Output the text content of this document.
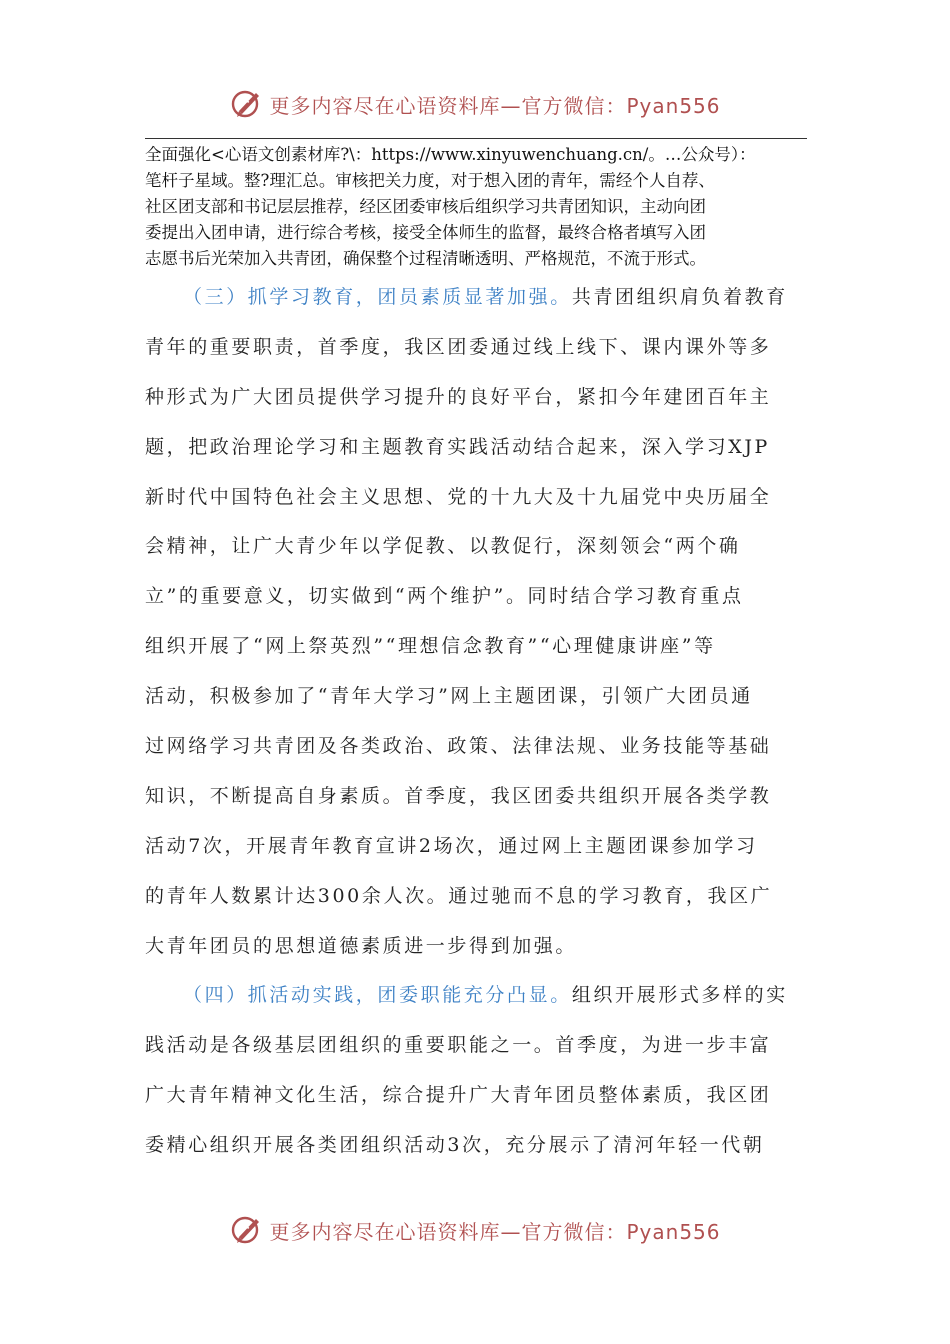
更多内容尽在心语资料库—官方微信：Pyan556

全面强化<心语文创素材库?\：https://www.xinyuwenchuang.cn/。…公众号）：

笔杆子星域。整?理汇总。审核把关力度，对于想入团的青年，需经个人自荐、

社区团支部和书记层层推荐，经区团委审核后组织学习共青团知识，主动向团

委提出入团申请，进行综合考核，接受全体师生的监督，最终合格者填写入团

志愿书后光荣加入共青团，确保整个过程清晰透明、严格规范，不流于形式。

（三）抓学习教育，团员素质显著加强。共青团组织肩负着教育

青年的重要职责，首季度，我区团委通过线上线下、课内课外等多

种形式为广大团员提供学习提升的良好平台，紧扣今年建团百年主

题，把政治理论学习和主题教育实践活动结合起来，深入学习XJP

新时代中国特色社会主义思想、党的十九大及十九届党中央历届全

会精神，让广大青少年以学促教、以教促行，深刻领会“两个确

立”的重要意义，切实做到“两个维护”。同时结合学习教育重点

组织开展了“网上祭英烈”“理想信念教育”“心理健康讲座”等

活动，积极参加了“青年大学习”网上主题团课，引领广大团员通

过网络学习共青团及各类政治、政策、法律法规、业务技能等基础

知识，不断提高自身素质。首季度，我区团委共组织开展各类学教

活动7次，开展青年教育宣讲2场次，通过网上主题团课参加学习

的青年人数累计达300余人次。通过驰而不息的学习教育，我区广

大青年团员的思想道德素质进一步得到加强。

（四）抓活动实践，团委职能充分凸显。组织开展形式多样的实

践活动是各级基层团组织的重要职能之一。首季度，为进一步丰富

广大青年精神文化生活，综合提升广大青年团员整体素质，我区团

委精心组织开展各类团组织活动3次，充分展示了清河年轻一代朝

更多内容尽在心语资料库—官方微信：Pyan556
